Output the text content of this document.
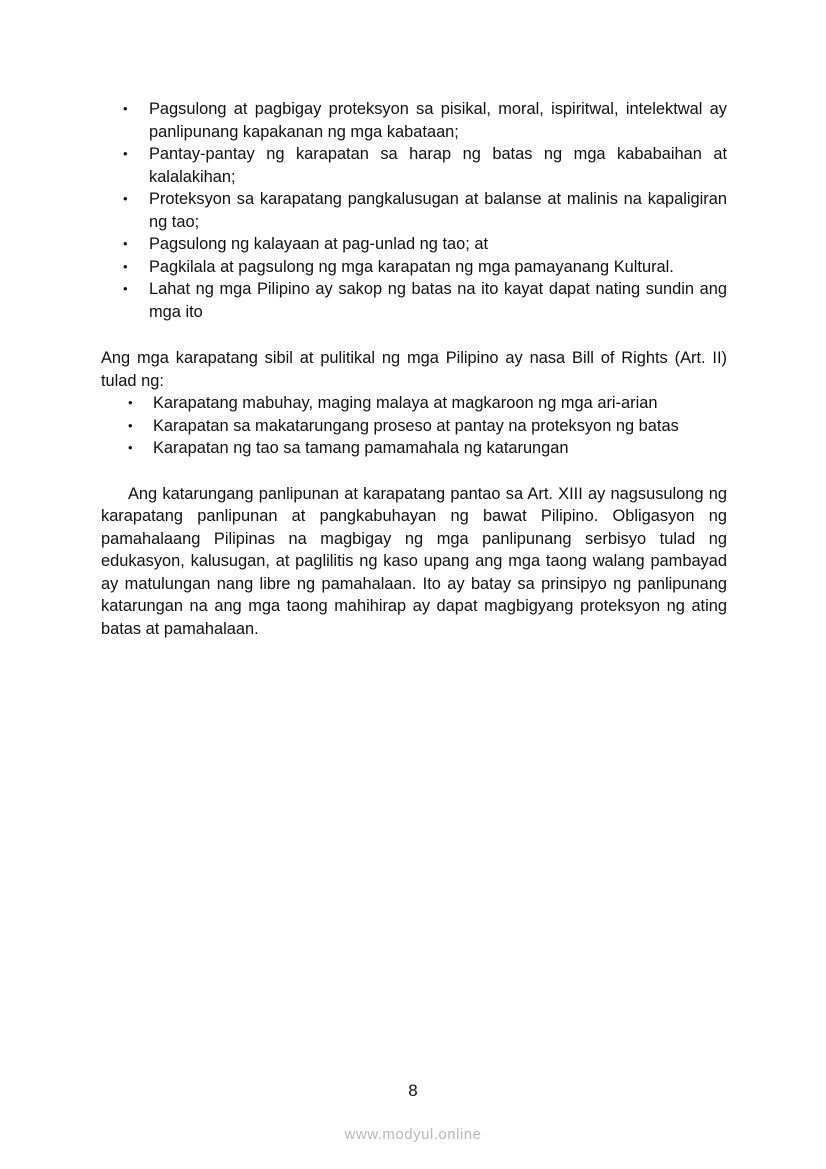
• Pagsulong at pagbigay proteksyon sa pisikal, moral, ispiritwal, intelektwal ay panlipunang kapakanan ng mga kabataan;
• Pantay-pantay ng karapatan sa harap ng batas ng mga kababaihan at kalalakihan;
• Proteksyon sa karapatang pangkalusugan at balanse at malinis na kapaligiran ng tao;
• Pagsulong ng kalayaan at pag-unlad ng tao; at
• Pagkilala at pagsulong ng mga karapatan ng mga pamayanang Kultural.
• Lahat ng mga Pilipino ay sakop ng batas na ito kayat dapat nating sundin ang mga ito

Ang mga karapatang sibil at pulitikal ng mga Pilipino ay nasa Bill of Rights (Art. II) tulad ng:

• Karapatang mabuhay, maging malaya at magkaroon ng mga ari-arian
• Karapatan sa makatarungang proseso at pantay na proteksyon ng batas
• Karapatan ng tao sa tamang pamamahala ng katarungan

Ang katarungang panlipunan at karapatang pantao sa Art. XIII ay nagsusulong ng karapatang panlipunan at pangkabuhayan ng bawat Pilipino. Obligasyon ng pamahalaang Pilipinas na magbigay ng mga panlipunang serbisyo tulad ng edukasyon, kalusugan, at paglilitis ng kaso upang ang mga taong walang pambayad ay matulungan nang libre ng pamahalaan. Ito ay batay sa prinsipyo ng panlipunang katarungan na ang mga taong mahihirap ay dapat magbigyang proteksyon ng ating batas at pamahalaan.

8
www.modyul.online
